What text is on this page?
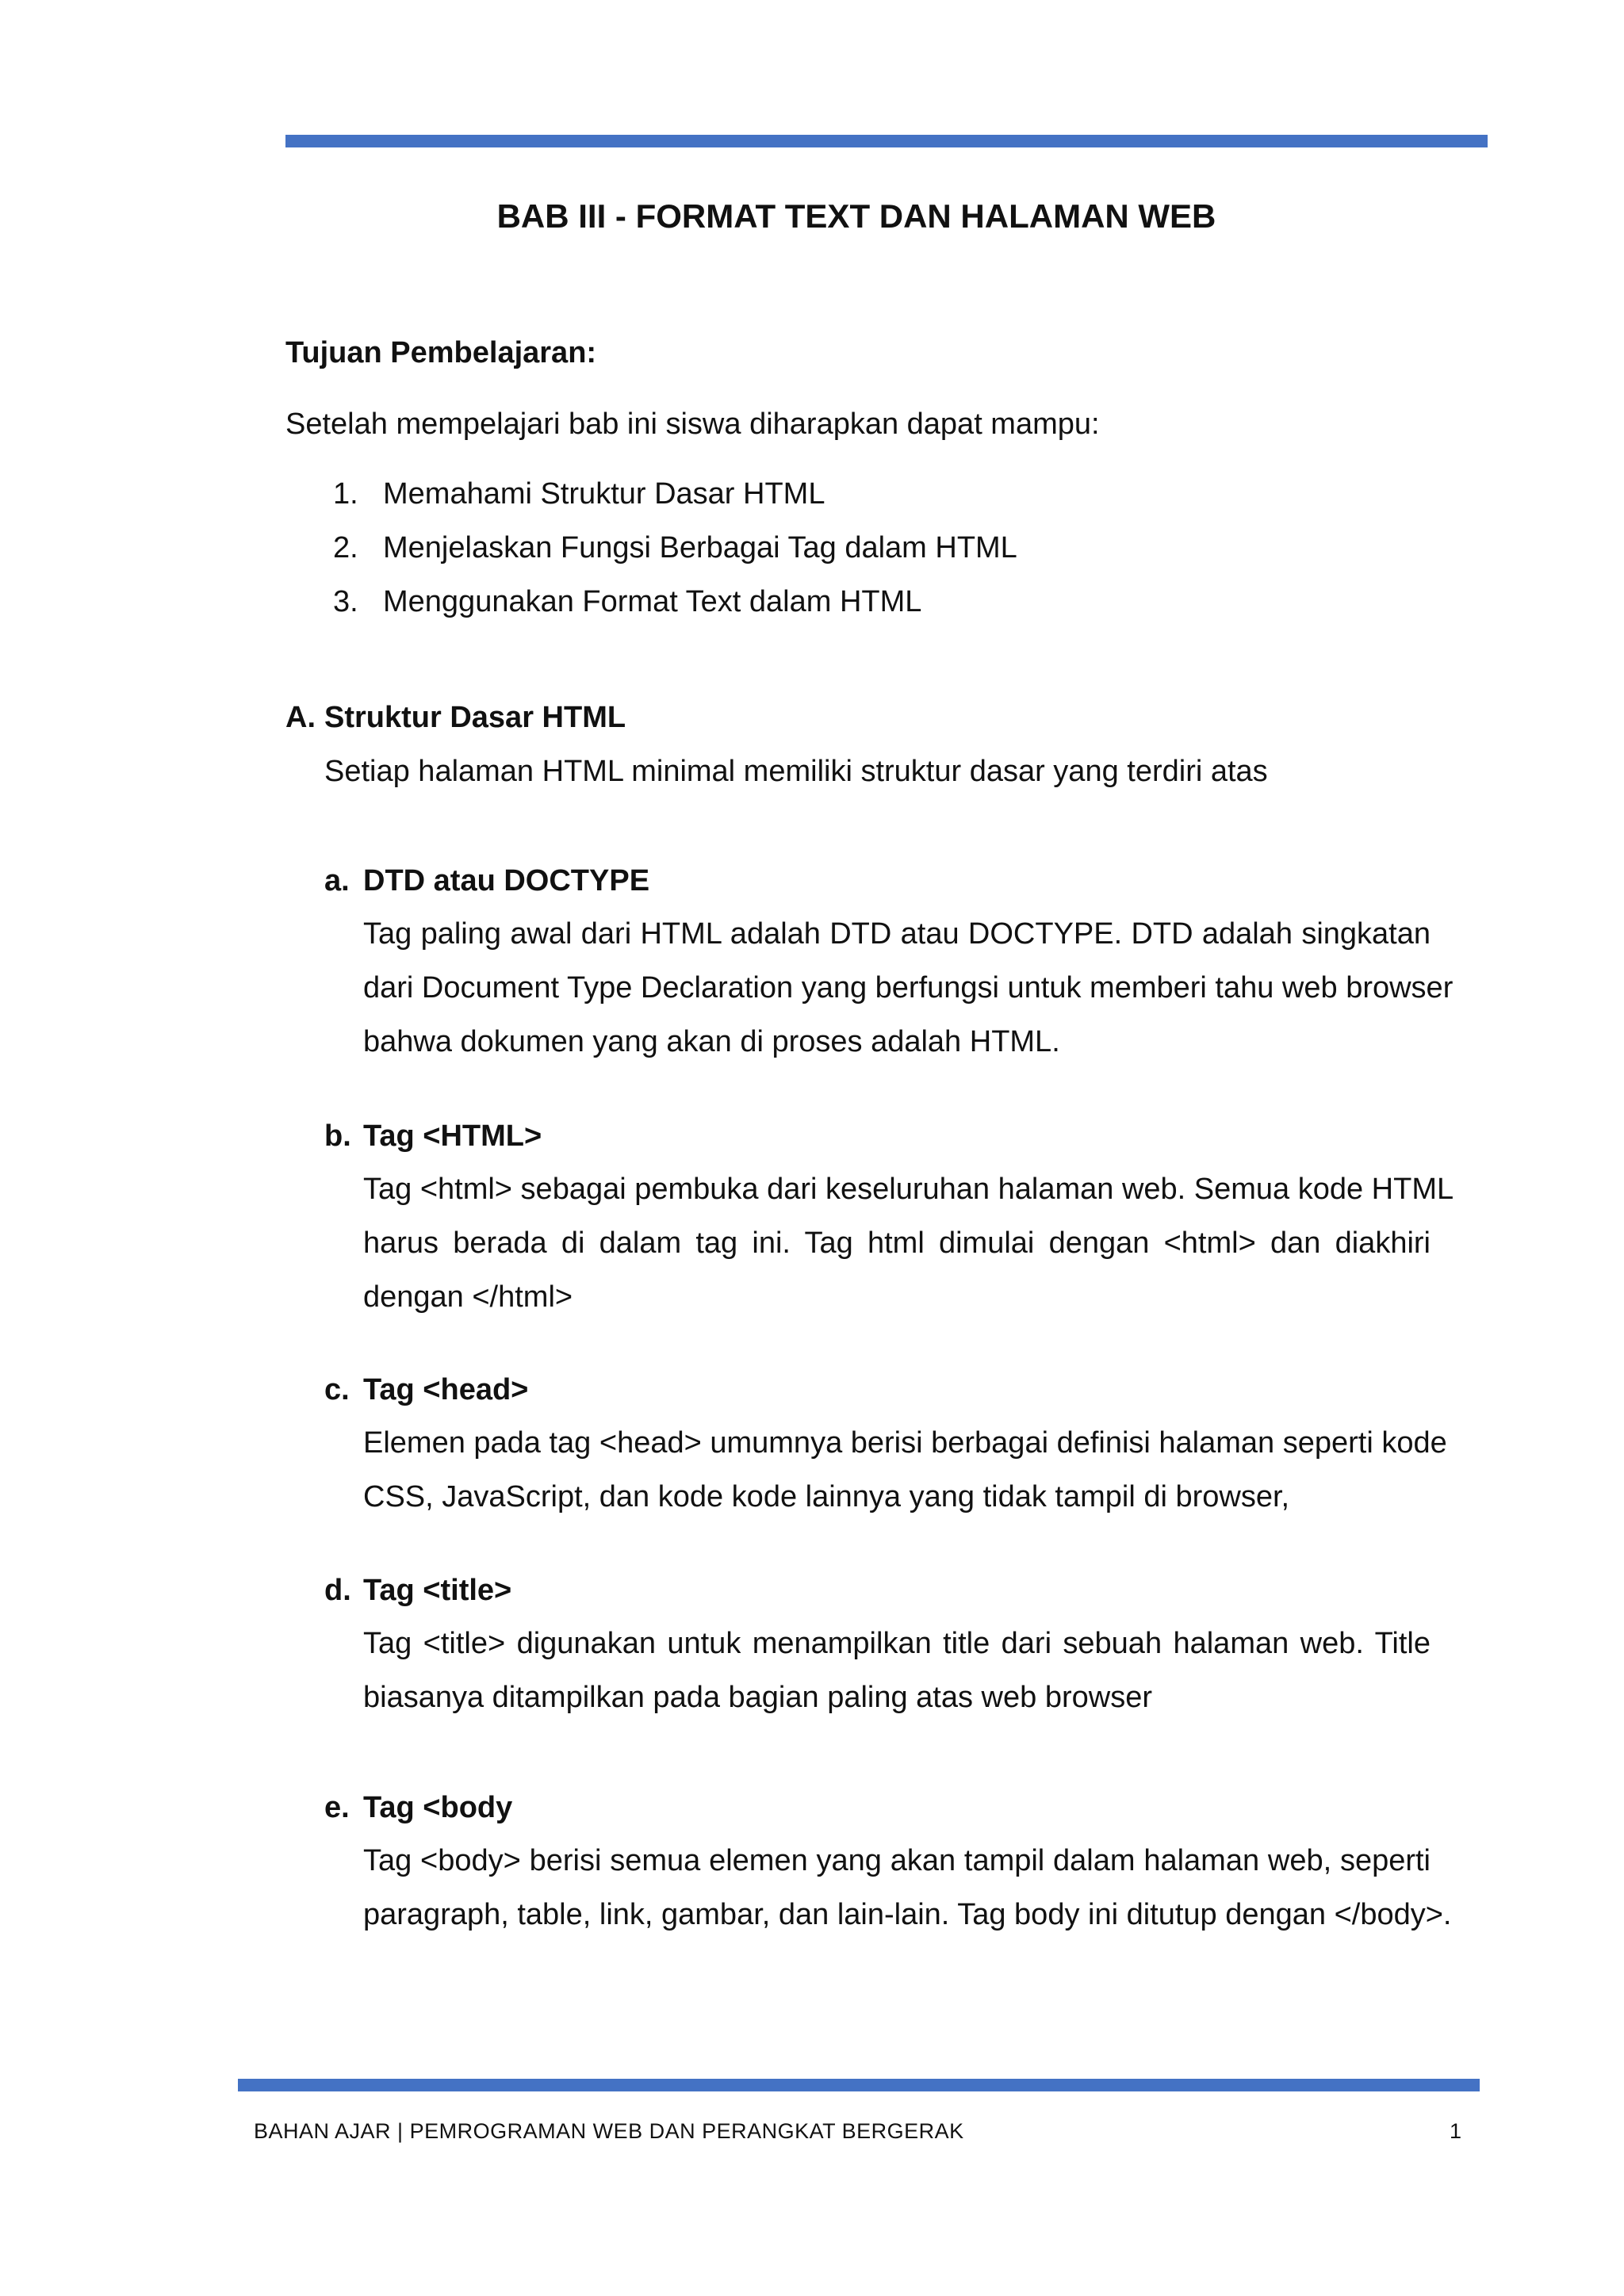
BAB III - FORMAT TEXT DAN HALAMAN WEB

Tujuan Pembelajaran:

Setelah mempelajari bab ini siswa diharapkan dapat mampu:

1. Memahami Struktur Dasar HTML
2. Menjelaskan Fungsi Berbagai Tag dalam HTML
3. Menggunakan Format Text dalam HTML
A. Struktur Dasar HTML

Setiap halaman HTML minimal memiliki struktur dasar yang terdiri atas

a. DTD atau DOCTYPE
Tag paling awal dari HTML adalah DTD atau DOCTYPE. DTD adalah singkatan
dari Document Type Declaration yang berfungsi untuk memberi tahu web browser
bahwa dokumen yang akan di proses adalah HTML.
b. Tag <HTML>
Tag <html> sebagai pembuka dari keseluruhan halaman web. Semua kode HTML
harus berada di dalam tag ini. Tag html dimulai dengan <html> dan diakhiri
dengan </html>
c. Tag <head>
Elemen pada tag <head> umumnya berisi berbagai definisi halaman seperti kode
CSS, JavaScript, dan kode kode lainnya yang tidak tampil di browser,
d. Tag <title>
Tag <title> digunakan untuk menampilkan title dari sebuah halaman web. Title
biasanya ditampilkan pada bagian paling atas web browser
e. Tag <body
Tag <body> berisi semua elemen yang akan tampil dalam halaman web, seperti
paragraph, table, link, gambar, dan lain-lain. Tag body ini ditutup dengan </body>.

BAHAN AJAR | PEMROGRAMAN WEB DAN PERANGKAT BERGERAK	1
